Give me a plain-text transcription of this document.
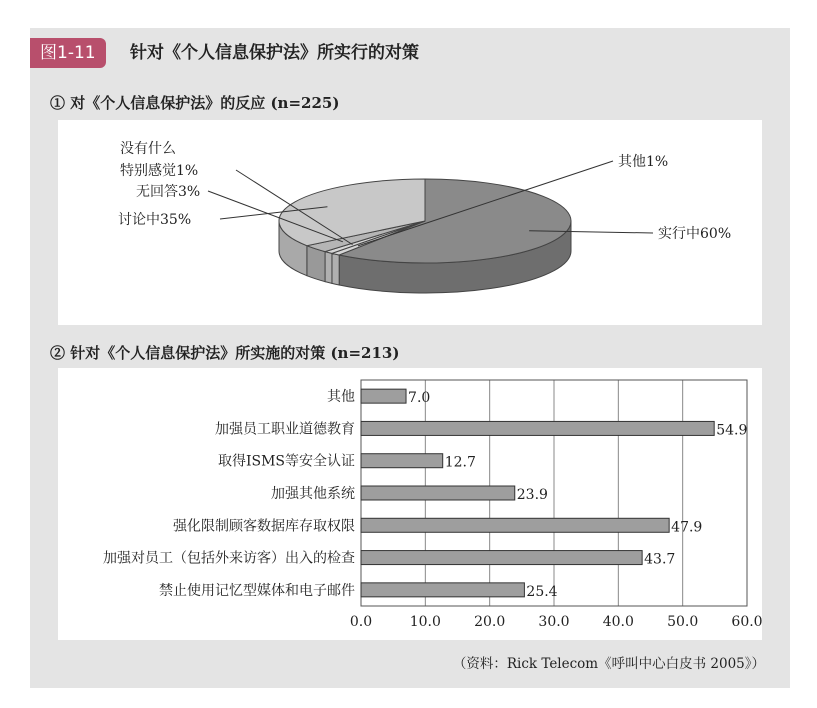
图1-11	针对《个人信息保护法》所实行的对策
① 对《个人信息保护法》的反应 (n=225)
实行中60%
其他1%
没有什么
特别感觉1%
无回答3%
讨论中35%
② 针对《个人信息保护法》所实施的对策 (n=213)
0.0	10.0 20.0 30.0 40.0 50.0 60.0
其他	7.0
加强员工职业道德教育	54.9
取得ISMS等安全认证	12.7
加强其他系统	23.9
强化限制顾客数据库存取权限	47.9
加强对员工（包括外来访客）出入的检查	43.7
禁止使用记忆型媒体和电子邮件	25.4
（资料：Rick Telecom《呼叫中心白皮书 2005》）
